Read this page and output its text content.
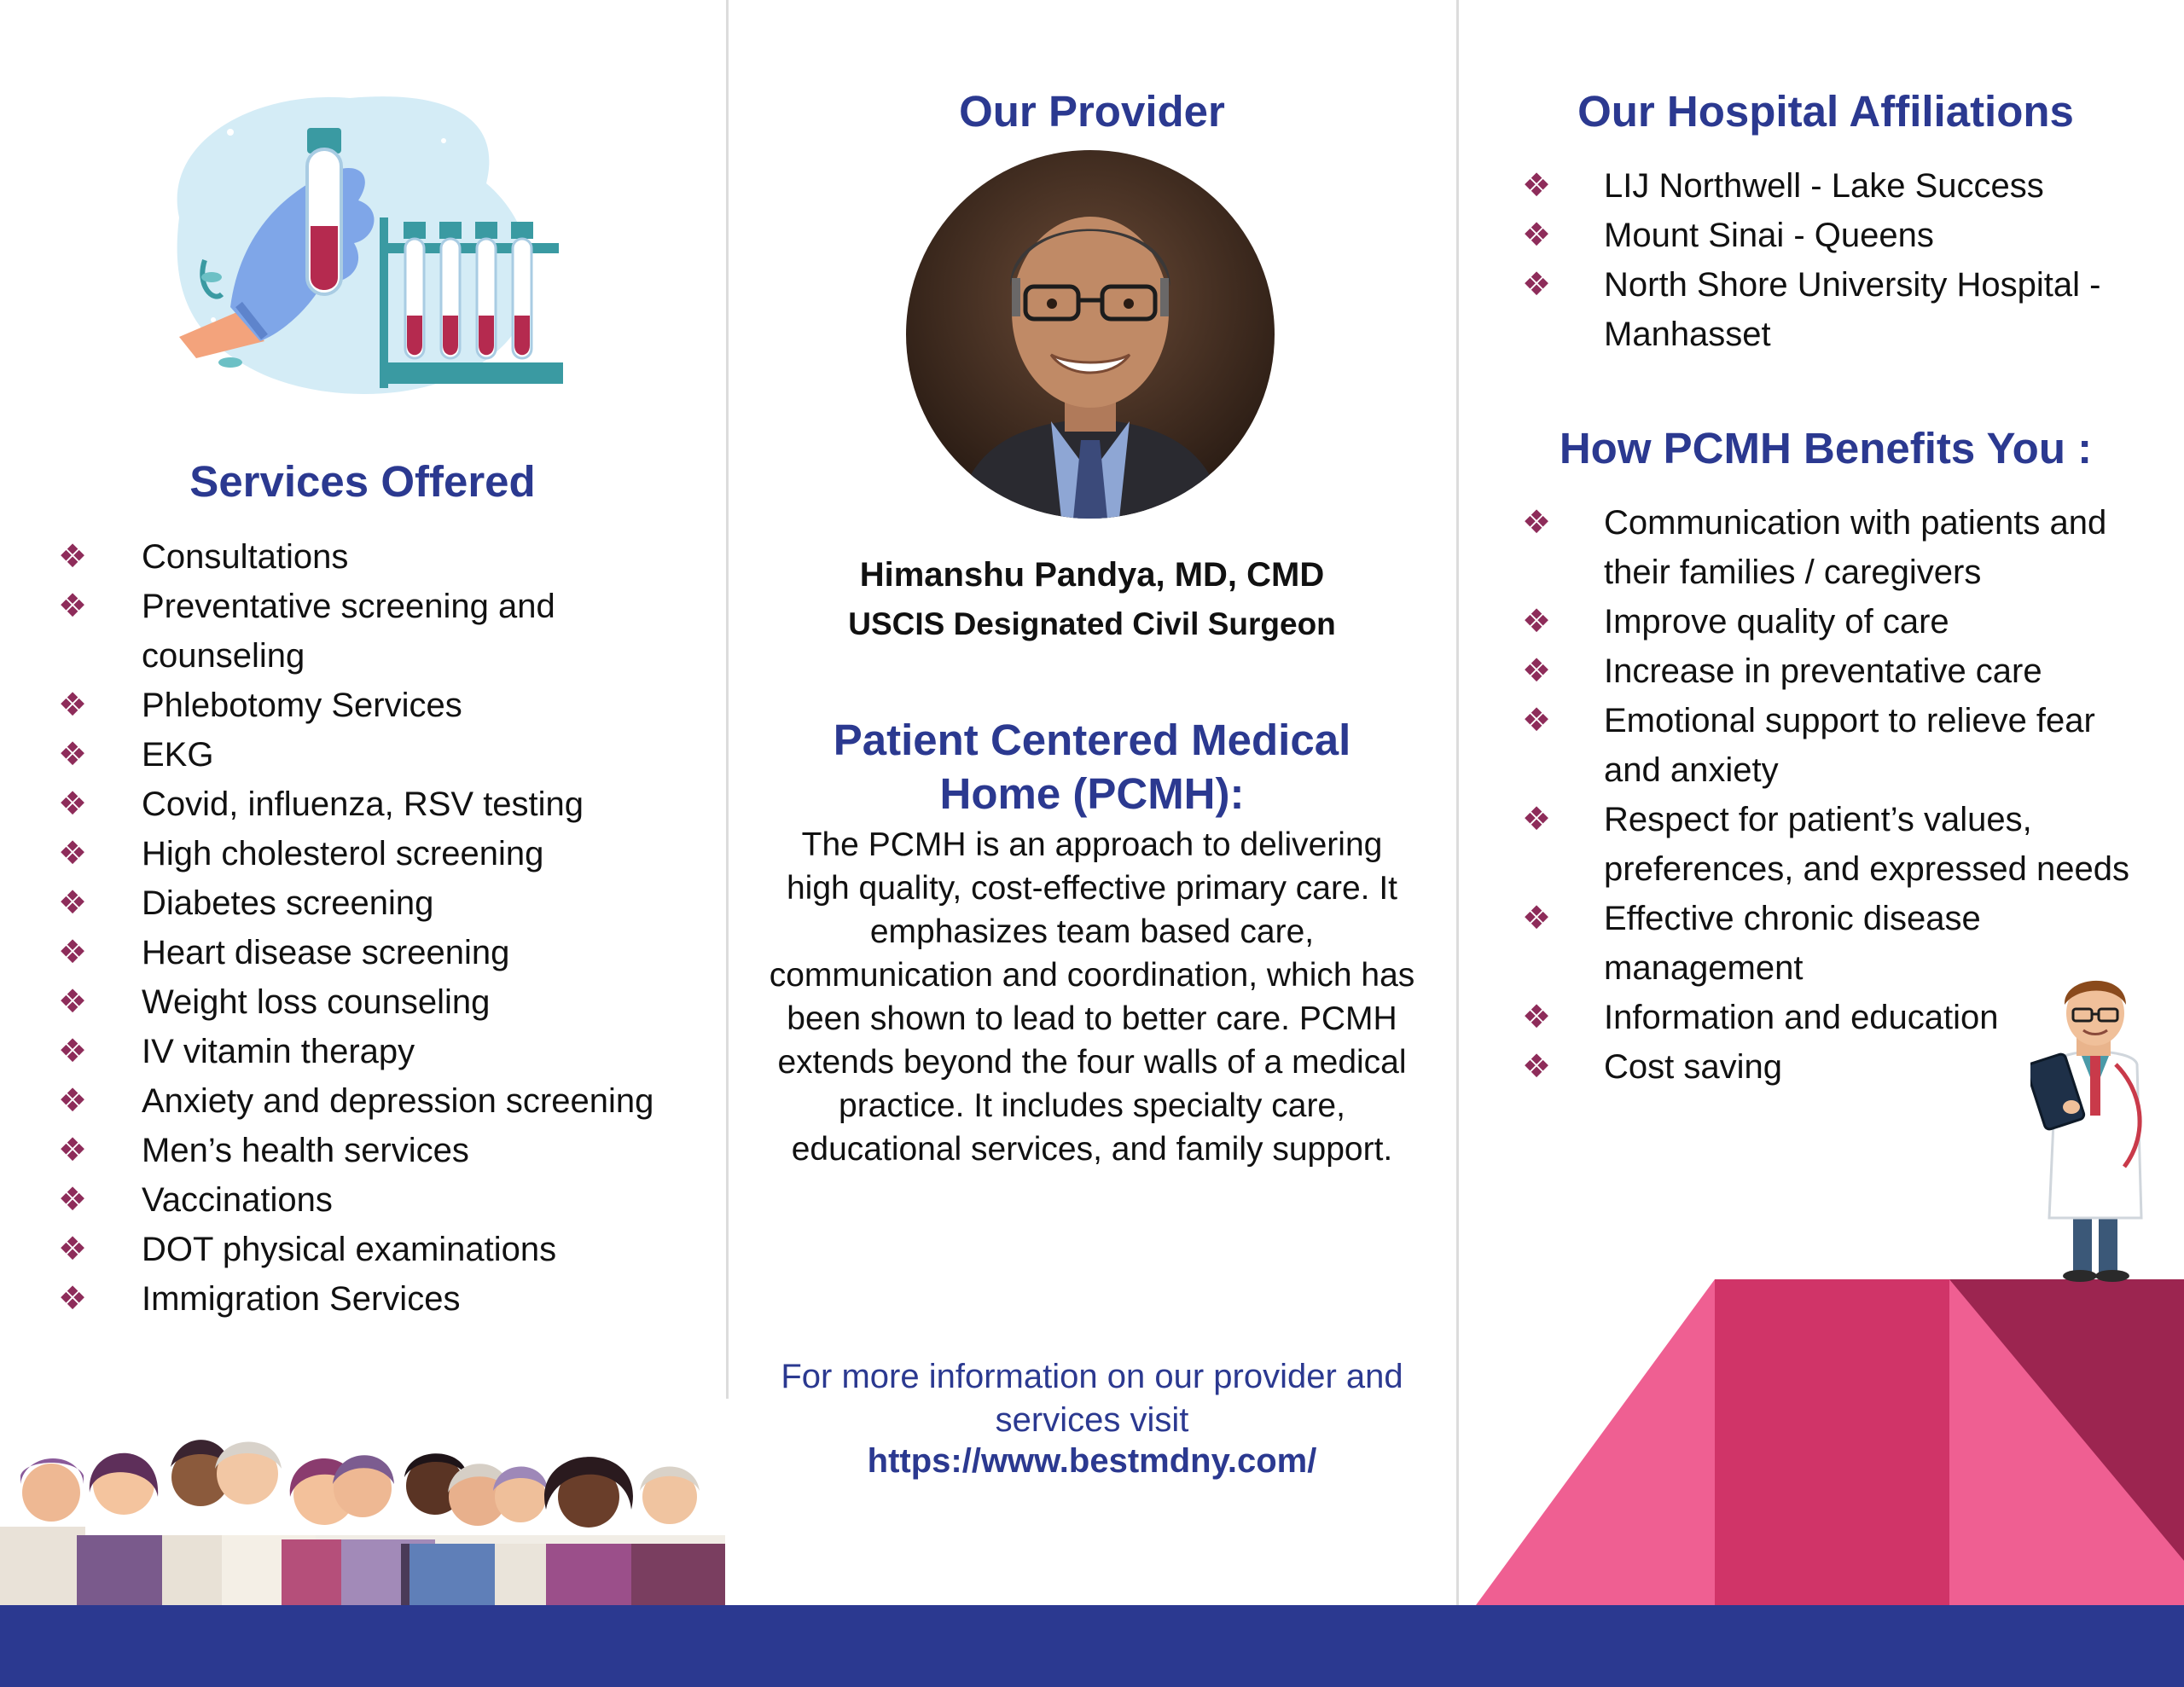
Services Offered
❖ Consultations
❖ Preventative screening and counseling
❖ Phlebotomy Services
❖ EKG
❖ Covid, influenza, RSV testing
❖ High cholesterol screening
❖ Diabetes screening
❖ Heart disease screening
❖ Weight loss counseling
❖ IV vitamin therapy
❖ Anxiety and depression screening
❖ Men’s health services
❖ Vaccinations
❖ DOT physical examinations
❖ Immigration Services
Our Provider
Himanshu Pandya, MD, CMD
USCIS Designated Civil Surgeon
Patient Centered Medical Home (PCMH):

The PCMH is an approach to delivering high quality, cost-effective primary care. It emphasizes team based care, communication and coordination, which has been shown to lead to better care. PCMH extends beyond the four walls of a medical practice. It includes specialty care, educational services, and family support.

For more information on our provider and services visit

https://www.bestmdny.com/
Our Hospital Affiliations
❖ LIJ Northwell - Lake Success
❖ Mount Sinai - Queens
❖ North Shore University Hospital - Manhasset
How PCMH Benefits You :
❖ Communication with patients and their families / caregivers
❖ Improve quality of care
❖ Increase in preventative care
❖ Emotional support to relieve fear and anxiety
❖ Respect for patient’s values, preferences, and expressed needs
❖ Effective chronic disease management
❖ Information and education
❖ Cost saving
